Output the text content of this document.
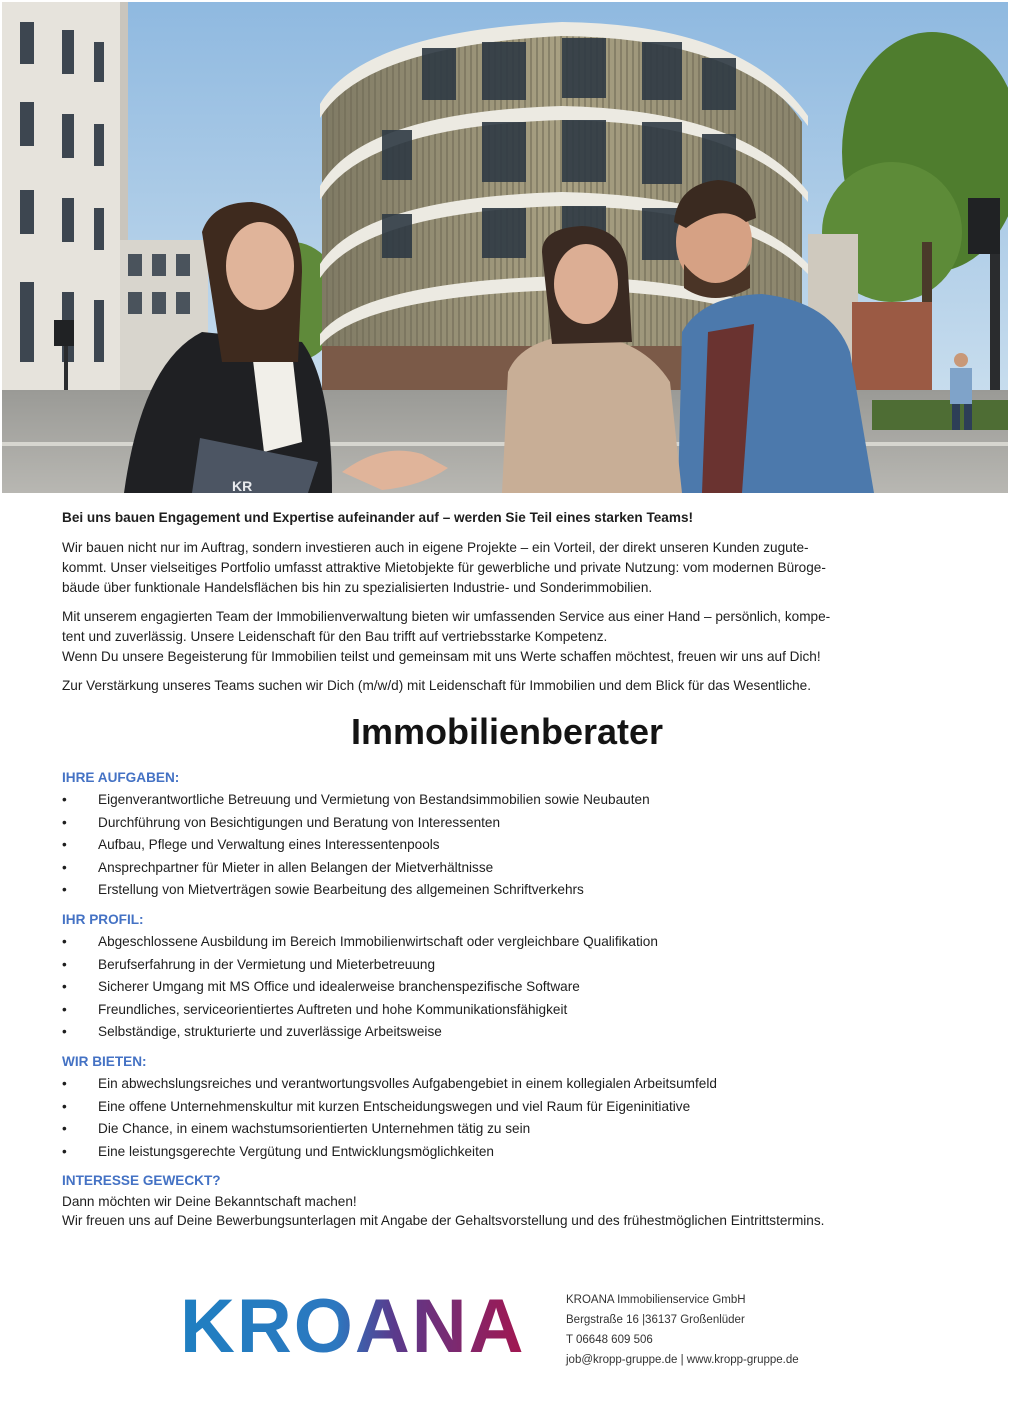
KR

Bei uns bauen Engagement und Expertise aufeinander auf – werden Sie Teil eines starken Teams!

Wir bauen nicht nur im Auftrag, sondern investieren auch in eigene Projekte – ein Vorteil, der direkt unseren Kunden zugute-
kommt. Unser vielseitiges Portfolio umfasst attraktive Mietobjekte für gewerbliche und private Nutzung: vom modernen Büroge-
bäude über funktionale Handelsflächen bis hin zu spezialisierten Industrie- und Sonderimmobilien.

Mit unserem engagierten Team der Immobilienverwaltung bieten wir umfassenden Service aus einer Hand – persönlich, kompe-
tent und zuverlässig. Unsere Leidenschaft für den Bau trifft auf vertriebsstarke Kompetenz.
Wenn Du unsere Begeisterung für Immobilien teilst und gemeinsam mit uns Werte schaffen möchtest, freuen wir uns auf Dich!

Zur Verstärkung unseres Teams suchen wir Dich (m/w/d) mit Leidenschaft für Immobilien und dem Blick für das Wesentliche.

Immobilienberater
IHRE AUFGABEN:
• Eigenverantwortliche Betreuung und Vermietung von Bestandsimmobilien sowie Neubauten
• Durchführung von Besichtigungen und Beratung von Interessenten
• Aufbau, Pflege und Verwaltung eines Interessentenpools
• Ansprechpartner für Mieter in allen Belangen der Mietverhältnisse
• Erstellung von Mietverträgen sowie Bearbeitung des allgemeinen Schriftverkehrs
IHR PROFIL:
• Abgeschlossene Ausbildung im Bereich Immobilienwirtschaft oder vergleichbare Qualifikation
• Berufserfahrung in der Vermietung und Mieterbetreuung
• Sicherer Umgang mit MS Office und idealerweise branchenspezifische Software
• Freundliches, serviceorientiertes Auftreten und hohe Kommunikationsfähigkeit
• Selbständige, strukturierte und zuverlässige Arbeitsweise
WIR BIETEN:
• Ein abwechslungsreiches und verantwortungsvolles Aufgabengebiet in einem kollegialen Arbeitsumfeld
• Eine offene Unternehmenskultur mit kurzen Entscheidungswegen und viel Raum für Eigeninitiative
• Die Chance, in einem wachstumsorientierten Unternehmen tätig zu sein
• Eine leistungsgerechte Vergütung und Entwicklungsmöglichkeiten
INTERESSE GEWECKT?

Dann möchten wir Deine Bekanntschaft machen!

Wir freuen uns auf Deine Bewerbungsunterlagen mit Angabe der Gehaltsvorstellung und des frühestmöglichen Eintrittstermins.

KROANA	KROANA Immobilienservice GmbH
Bergstraße 16 |36137 Großenlüder
T 06648 609 506
job@kropp-gruppe.de | www.kropp-gruppe.de
